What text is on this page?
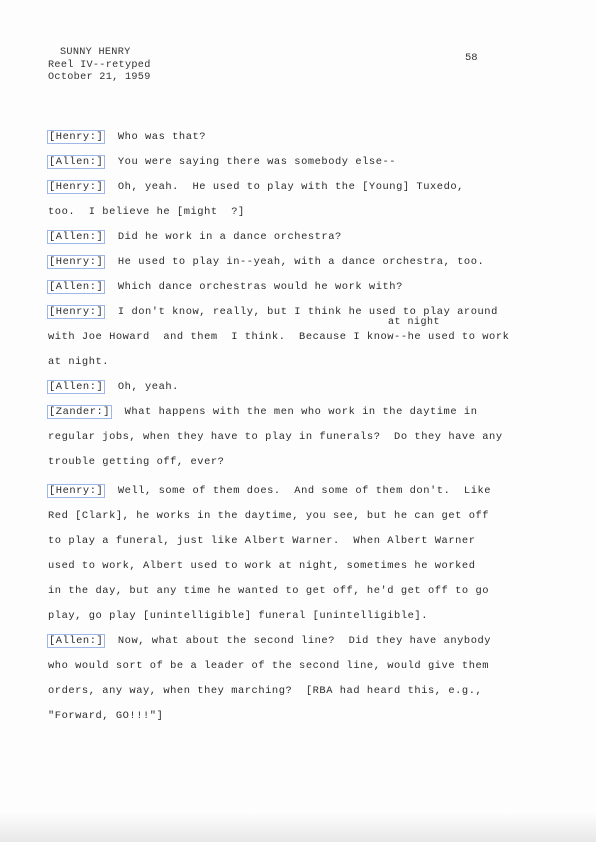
SUNNY HENRY
Reel IV--retyped
October 21, 1959
58
[Henry:]  Who was that?
[Allen:]  You were saying there was somebody else--
[Henry:]  Oh, yeah.  He used to play with the [Young] Tuxedo,
too.  I believe he [might  ?]
[Allen:]  Did he work in a dance orchestra?
[Henry:]  He used to play in--yeah, with a dance orchestra, too.
[Allen:]  Which dance orchestras would he work with?
[Henry:]  I don't know, really, but I think he used to play around
with Joe Howard  and them  I think.  Because I know--he used to work
at night.
[Allen:]  Oh, yeah.
[Zander:]  What happens with the men who work in the daytime in
regular jobs, when they have to play in funerals?  Do they have any
trouble getting off, ever?
[Henry:]  Well, some of them does.  And some of them don't.  Like
Red [Clark], he works in the daytime, you see, but he can get off
to play a funeral, just like Albert Warner.  When Albert Warner
used to work, Albert used to work at night, sometimes he worked
in the day, but any time he wanted to get off, he'd get off to go
play, go play [unintelligible] funeral [unintelligible].
[Allen:]  Now, what about the second line?  Did they have anybody
who would sort of be a leader of the second line, would give them
orders, any way, when they marching?  [RBA had heard this, e.g.,
"Forward, GO!!!"]
at night
